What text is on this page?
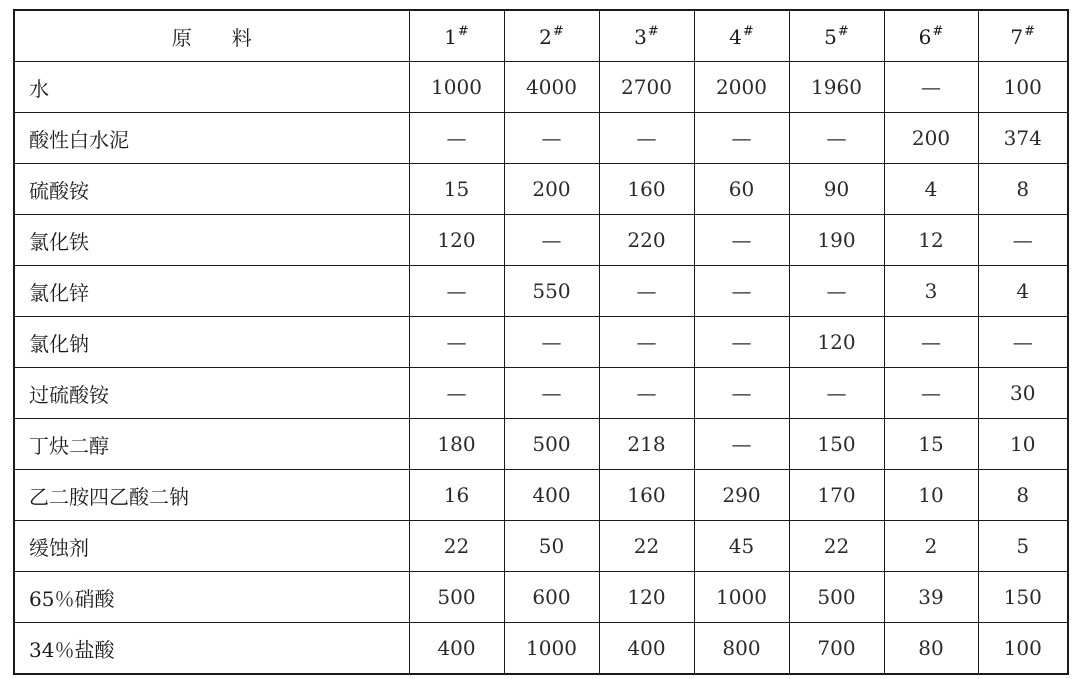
原　　料	1#	2#	3#	4#	5#	6#	7#
水	1000	4000	2700	2000	1960	—	100
酸性白水泥	—	—	—	—	—	200	374
硫酸铵	15	200	160	60	90	4	8
氯化铁	120	—	220	—	190	12	—
氯化锌	—	550	—	—	—	3	4
氯化钠	—	—	—	—	120	—	—
过硫酸铵	—	—	—	—	—	—	30
丁炔二醇	180	500	218	—	150	15	10
乙二胺四乙酸二钠	16	400	160	290	170	10	8
缓蚀剂	22	50	22	45	22	2	5
65％硝酸	500	600	120	1000	500	39	150
34％盐酸	400	1000	400	800	700	80	100
